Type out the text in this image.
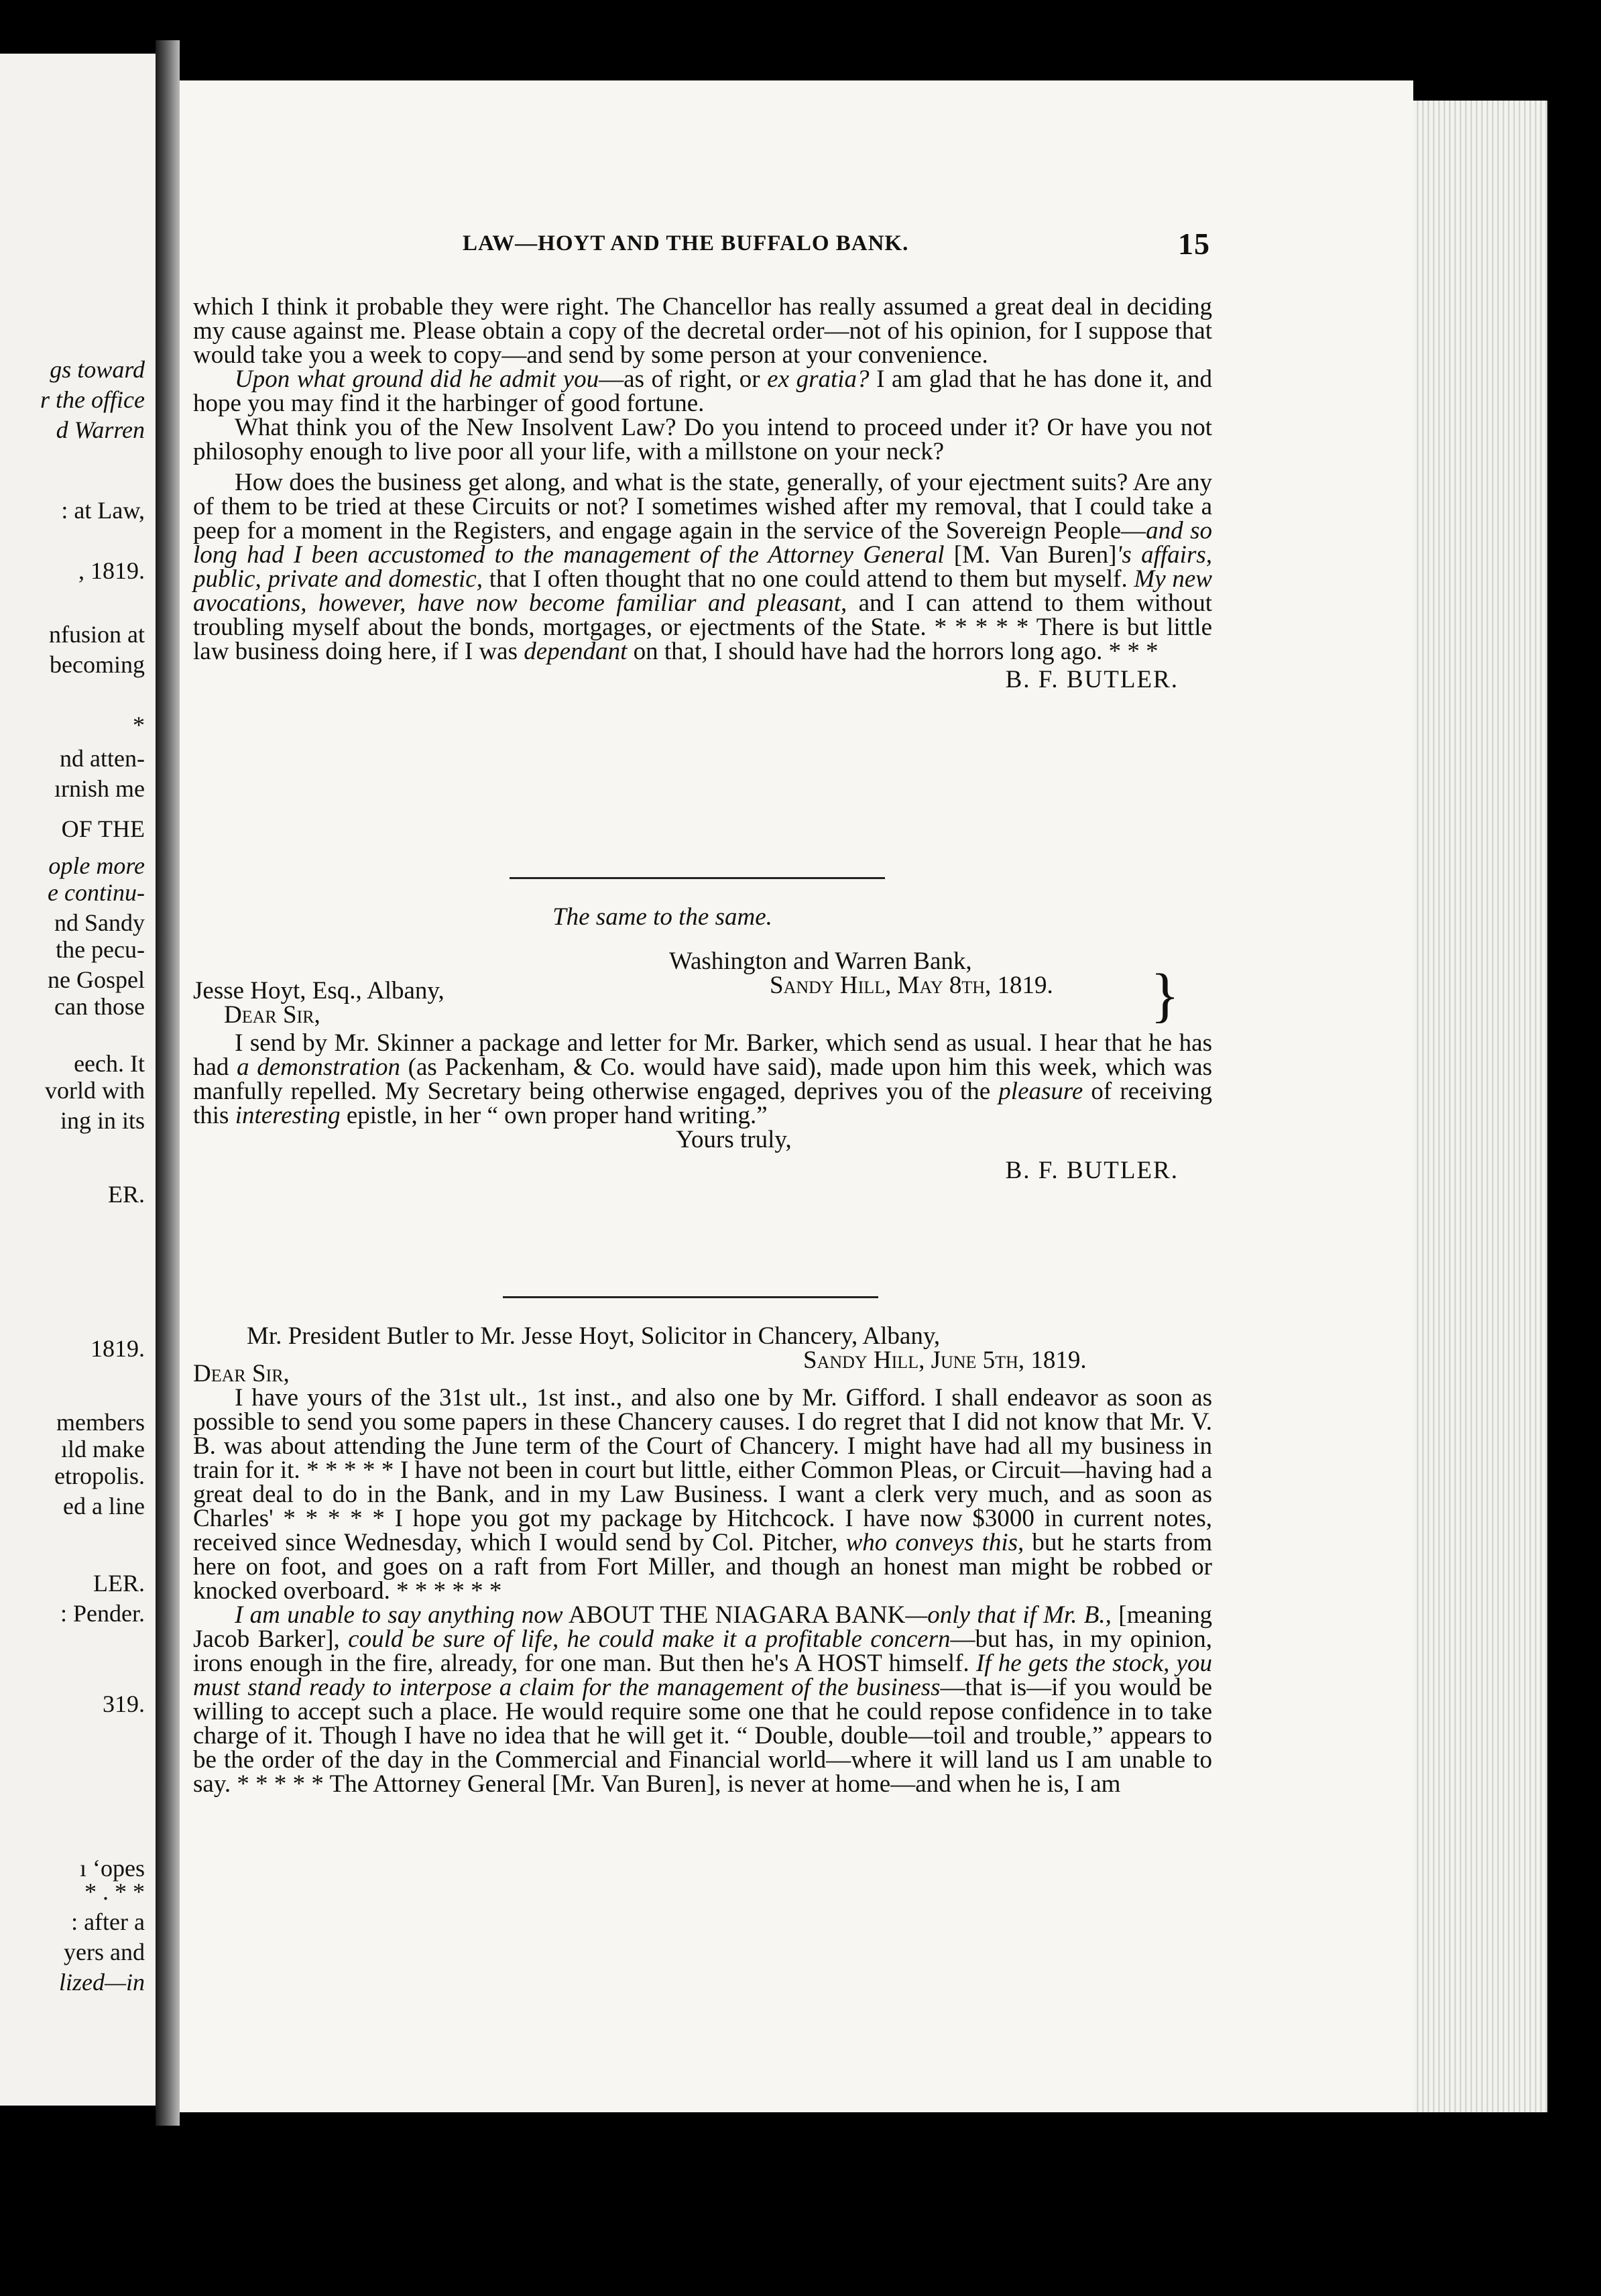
gs toward
r the office
d Warren
: at Law,
, 1819.
nfusion at
becoming
*
nd atten-
ırnish me
OF THE
ople more
e continu-
nd Sandy
the pecu-
ne Gospel
can those
eech. It
vorld with
ing in its
ER.
1819.
members
ıld make
etropolis.
ed a line
LER.
: Pender.
319.
ı ‘opes
* . * *
: after a
yers and
lized—in
LAW—HOYT AND THE BUFFALO BANK.	15

which I think it probable they were right. The Chancellor has really assumed a great deal in deciding my cause against me. Please obtain a copy of the decretal order—not of his opinion, for I suppose that would take you a week to copy—and send by some person at your convenience.

Upon what ground did he admit you—as of right, or ex gratia? I am glad that he has done it, and hope you may find it the harbinger of good fortune.

What think you of the New Insolvent Law? Do you intend to proceed under it? Or have you not philosophy enough to live poor all your life, with a millstone on your neck?

How does the business get along, and what is the state, generally, of your ejectment suits? Are any of them to be tried at these Circuits or not? I sometimes wished after my removal, that I could take a peep for a moment in the Registers, and engage again in the service of the Sovereign People—and so long had I been accustomed to the management of the Attorney General [M. Van Buren]'s affairs, public, private and domestic, that I often thought that no one could attend to them but myself. My new avocations, however, have now become familiar and pleasant, and I can attend to them without troubling myself about the bonds, mortgages, or ejectments of the State. * * * * * There is but little law business doing here, if I was dependant on that, I should have had the horrors long ago. * * *

B. F. BUTLER.

The same to the same.

Washington and Warren Bank,

Sandy Hill, May 8th, 1819.

Jesse Hoyt, Esq., Albany,

Dear Sir,

I send by Mr. Skinner a package and letter for Mr. Barker, which send as usual. I hear that he has had a demonstration (as Packenham, & Co. would have said), made upon him this week, which was manfully repelled. My Secretary being otherwise engaged, deprives you of the pleasure of receiving this interesting epistle, in her “ own proper hand writing.”

Yours truly,

B. F. BUTLER.

}

Mr. President Butler to Mr. Jesse Hoyt, Solicitor in Chancery, Albany,

Sandy Hill, June 5th, 1819.

Dear Sir,

I have yours of the 31st ult., 1st inst., and also one by Mr. Gifford. I shall endeavor as soon as possible to send you some papers in these Chancery causes. I do regret that I did not know that Mr. V. B. was about attending the June term of the Court of Chancery. I might have had all my business in train for it. * * * * * I have not been in court but little, either Common Pleas, or Circuit—having had a great deal to do in the Bank, and in my Law Business. I want a clerk very much, and as soon as Charles' * * * * * I hope you got my package by Hitchcock. I have now $3000 in current notes, received since Wednesday, which I would send by Col. Pitcher, who conveys this, but he starts from here on foot, and goes on a raft from Fort Miller, and though an honest man might be robbed or knocked overboard. * * * * * *

I am unable to say anything now ABOUT THE NIAGARA BANK—only that if Mr. B., [meaning Jacob Barker], could be sure of life, he could make it a profitable concern—but has, in my opinion, irons enough in the fire, already, for one man. But then he's A HOST himself. If he gets the stock, you must stand ready to interpose a claim for the management of the business—that is—if you would be willing to accept such a place. He would require some one that he could repose confidence in to take charge of it. Though I have no idea that he will get it. “ Double, double—toil and trouble,” appears to be the order of the day in the Commercial and Financial world—where it will land us I am unable to say. * * * * * The Attorney General [Mr. Van Buren], is never at home—and when he is, I am
